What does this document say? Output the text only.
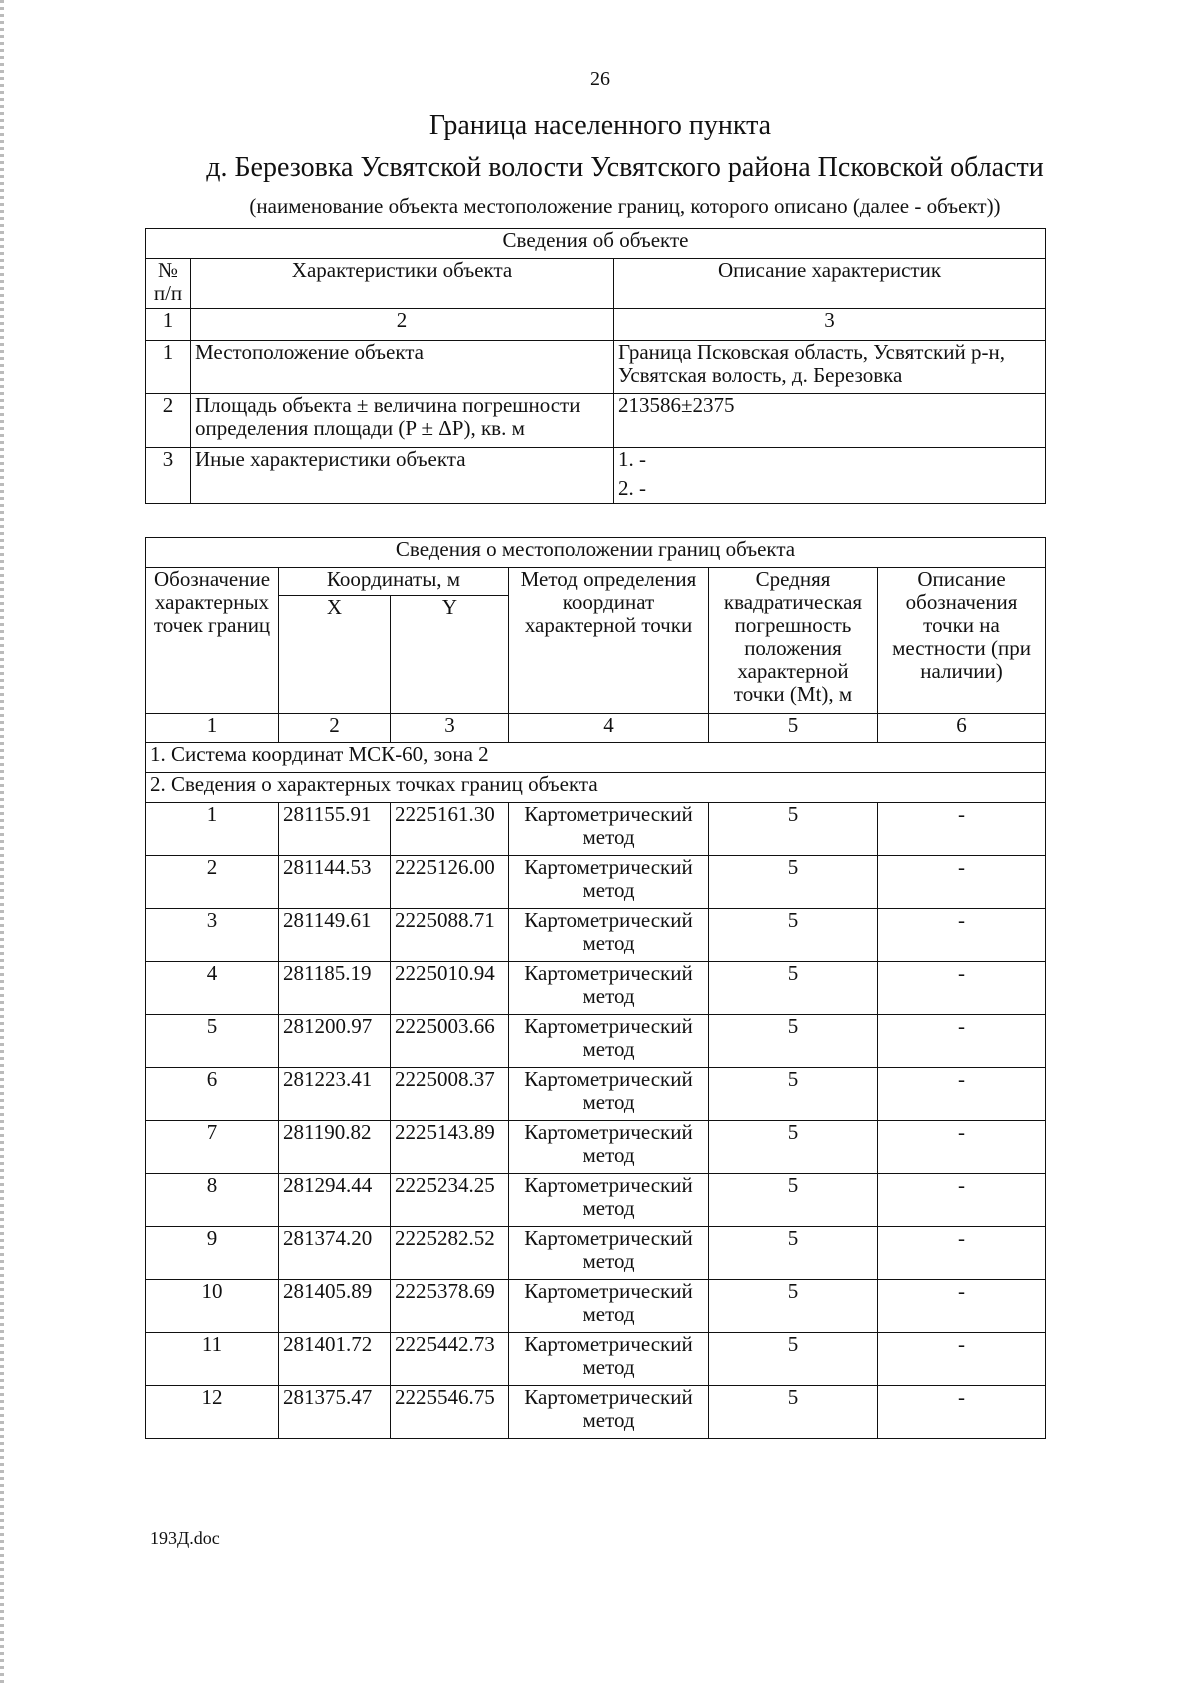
26
Граница населенного пункта
д. Березовка Усвятской волости Усвятского района Псковской области
(наименование объекта местоположение границ, которого описано (далее - объект))
Сведения об объекте		
№ п/п	Характеристики объекта	Описание характеристик
1	2	3
1	Местоположение объекта	Граница Псковская область, Усвятский р-н, Усвятская волость, д. Березовка
2	Площадь объекта ± величина погрешности определения площади (P ± ΔP), кв. м	213586±2375
3	Иные характеристики объекта	1. -
2. -
Сведения о местоположении границ объекта					
Обозначение характерных точек границ	Координаты, м		Метод определения координат характерной точки	Средняя квадратическая погрешность положения характерной точки (Mt), м	Описание обозначения точки на местности (при наличии)
	X	Y			
1	2	3	4	5	6
1. Система координат МСК-60, зона 2					
2. Сведения о характерных точках границ объекта					
1	281155.91	2225161.30	Картометрический метод	5	-
2	281144.53	2225126.00	Картометрический метод	5	-
3	281149.61	2225088.71	Картометрический метод	5	-
4	281185.19	2225010.94	Картометрический метод	5	-
5	281200.97	2225003.66	Картометрический метод	5	-
6	281223.41	2225008.37	Картометрический метод	5	-
7	281190.82	2225143.89	Картометрический метод	5	-
8	281294.44	2225234.25	Картометрический метод	5	-
9	281374.20	2225282.52	Картометрический метод	5	-
10	281405.89	2225378.69	Картометрический метод	5	-
11	281401.72	2225442.73	Картометрический метод	5	-
12	281375.47	2225546.75	Картометрический метод	5	-
193Д.doc
